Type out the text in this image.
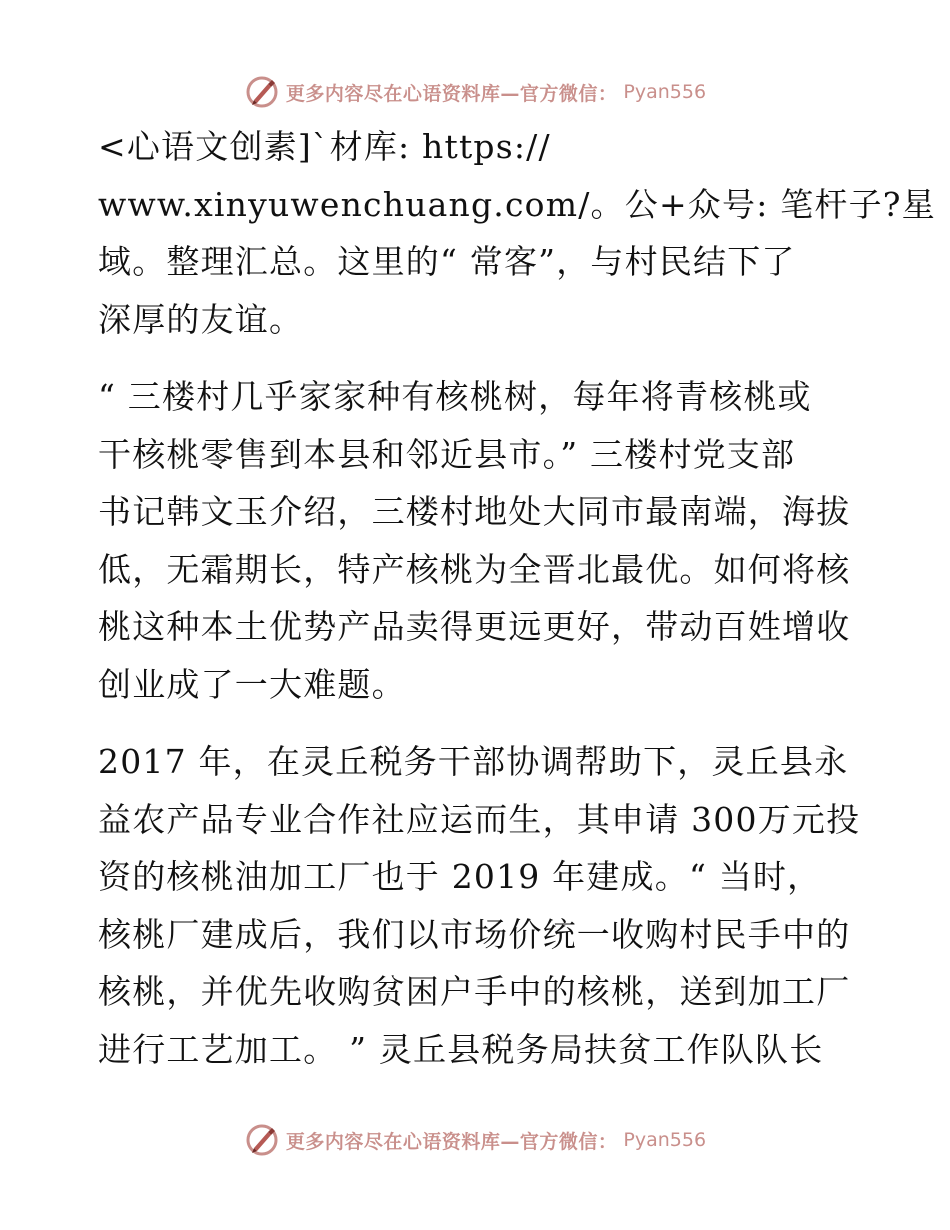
更多内容尽在心语资料库—官方微信： Pyan556
<心语文创素]`材库: https://
www.xinyuwenchuang.com/。公+众号: 笔杆子?星
域。整理汇总。这里的“ 常客”，与村民结下了
深厚的友谊。
“ 三楼村几乎家家种有核桃树，每年将青核桃或
干核桃零售到本县和邻近县市。” 三楼村党支部
书记韩文玉介绍，三楼村地处大同市最南端，海拔
低，无霜期长，特产核桃为全晋北最优。如何将核
桃这种本土优势产品卖得更远更好，带动百姓增收
创业成了一大难题。
2017 年，在灵丘税务干部协调帮助下，灵丘县永
益农产品专业合作社应运而生，其申请 300万元投
资的核桃油加工厂也于 2019 年建成。“ 当时，
核桃厂建成后，我们以市场价统一收购村民手中的
核桃，并优先收购贫困户手中的核桃，送到加工厂
进行工艺加工。 ” 灵丘县税务局扶贫工作队队长
更多内容尽在心语资料库—官方微信： Pyan556
